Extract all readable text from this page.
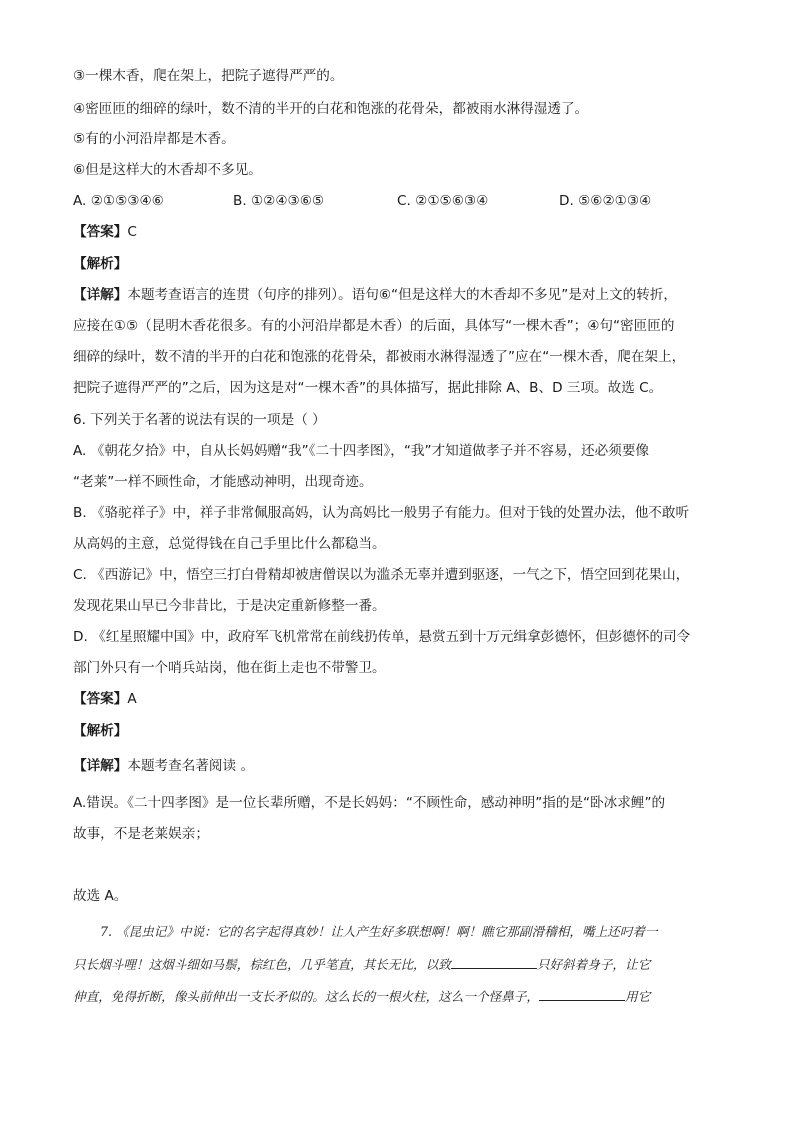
③一棵木香，爬在架上，把院子遮得严严的。
④密匝匝的细碎的绿叶，数不清的半开的白花和饱涨的花骨朵，都被雨水淋得湿透了。
⑤有的小河沿岸都是木香。
⑥但是这样大的木香却不多见。
A. ②①⑤③④⑥	B. ①②④③⑥⑤	C. ②①⑤⑥③④	D. ⑤⑥②①③④
【答案】C
【解析】
【详解】本题考查语言的连贯（句序的排列）。语句⑥“但是这样大的木香却不多见”是对上文的转折，
应接在①⑤（昆明木香花很多。有的小河沿岸都是木香）的后面，具体写“一棵木香”；④句“密匝匝的
细碎的绿叶，数不清的半开的白花和饱涨的花骨朵，都被雨水淋得湿透了”应在“一棵木香，爬在架上，
把院子遮得严严的”之后，因为这是对“一棵木香”的具体描写，据此排除 A、B、D 三项。故选 C。
6. 下列关于名著的说法有误的一项是（ ）
A. 《朝花夕拾》中，自从长妈妈赠“我”《二十四孝图》，“我”才知道做孝子并不容易，还必须要像
“老莱”一样不顾性命，才能感动神明，出现奇迹。
B. 《骆驼祥子》中，祥子非常佩服高妈，认为高妈比一般男子有能力。但对于钱的处置办法，他不敢听
从高妈的主意，总觉得钱在自己手里比什么都稳当。
C. 《西游记》中，悟空三打白骨精却被唐僧误以为滥杀无辜并遭到驱逐，一气之下，悟空回到花果山，
发现花果山早已今非昔比，于是决定重新修整一番。
D. 《红星照耀中国》中，政府军飞机常常在前线扔传单，悬赏五到十万元缉拿彭德怀，但彭德怀的司令
部门外只有一个哨兵站岗，他在街上走也不带警卫。
【答案】A
【解析】
【详解】本题考查名著阅读 。
A.错误。《二十四孝图》是一位长辈所赠，不是长妈妈：“不顾性命，感动神明”指的是“卧冰求鲤”的
故事，不是老莱娱亲；
故选 A。
7. 《昆虫记》中说：它的名字起得真妙！让人产生好多联想啊！啊！瞧它那副滑稽相，嘴上还叼着一
只长烟斗哩！这烟斗细如马鬃，棕红色，几乎笔直，其长无比，以致	只好斜着身子，让它
伸直，免得折断，像头前伸出一支长矛似的。这么长的一根火柱，这么一个怪鼻子，	用它
